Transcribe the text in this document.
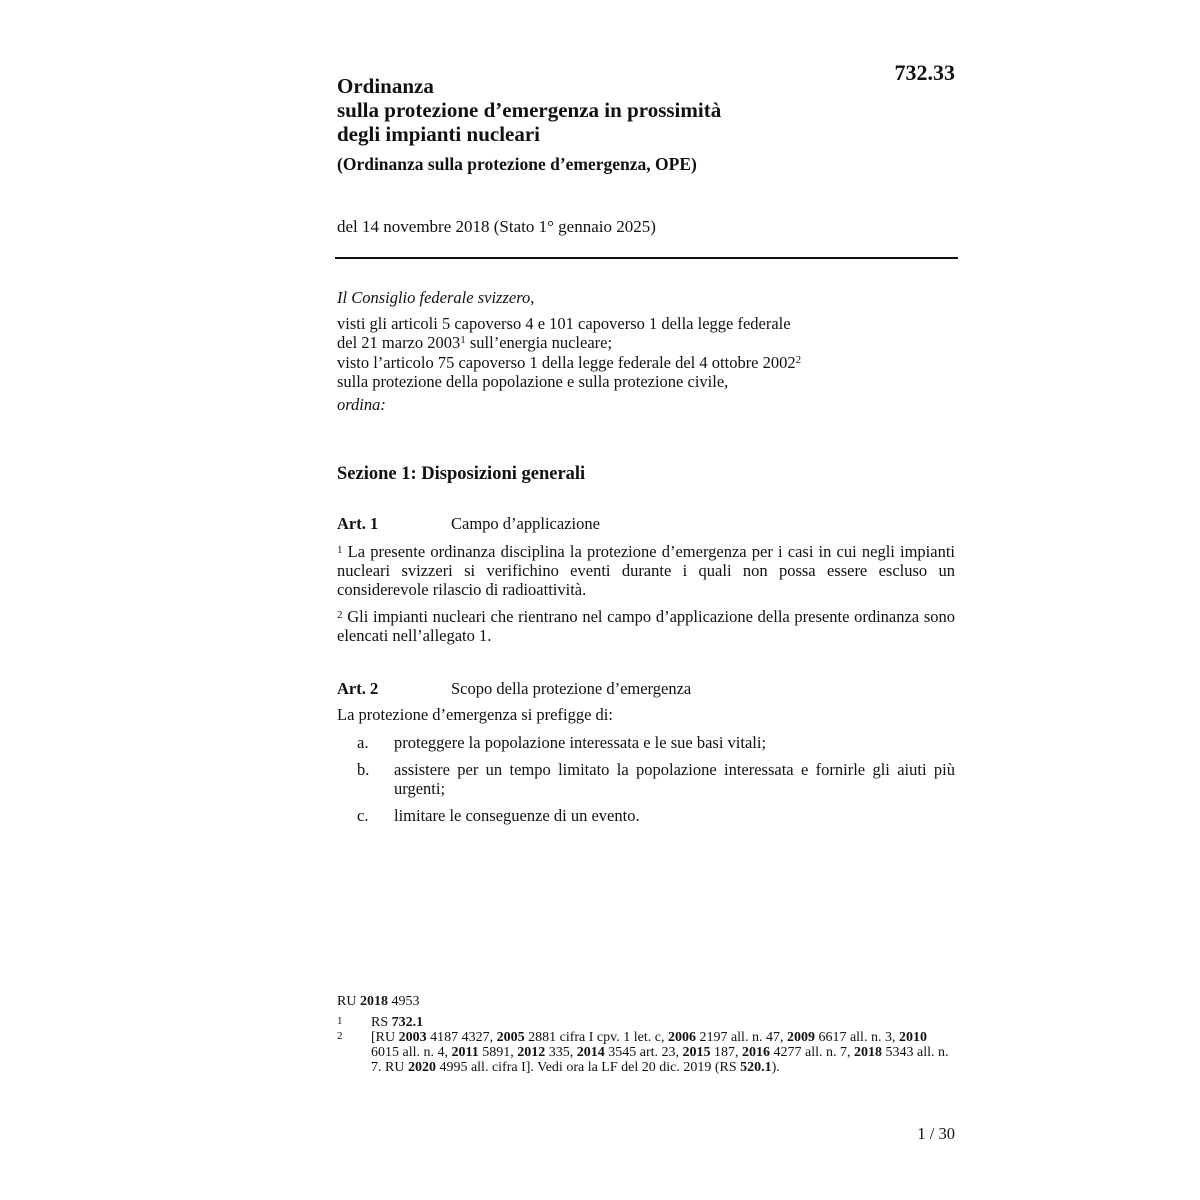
732.33
Ordinanza
sulla protezione d’emergenza in prossimità
degli impianti nucleari
(Ordinanza sulla protezione d’emergenza, OPE)
del 14 novembre 2018 (Stato 1° gennaio 2025)
Il Consiglio federale svizzero,
visti gli articoli 5 capoverso 4 e 101 capoverso 1 della legge federale
del 21 marzo 2003$^1$ sull’energia nucleare;
visto l’articolo 75 capoverso 1 della legge federale del 4 ottobre 2002$^2$
sulla protezione della popolazione e sulla protezione civile,
ordina:
Sezione 1: Disposizioni generali
Art. 1	Campo d’applicazione
$^1$ La presente ordinanza disciplina la protezione d’emergenza per i casi in cui negli impianti nucleari svizzeri si verifichino eventi durante i quali non possa essere escluso un considerevole rilascio di radioattività.
$^2$ Gli impianti nucleari che rientrano nel campo d’applicazione della presente ordinanza sono elencati nell’allegato 1.
Art. 2	Scopo della protezione d’emergenza
La protezione d’emergenza si prefigge di:
a.	proteggere la popolazione interessata e le sue basi vitali;
b.	assistere per un tempo limitato la popolazione interessata e fornirle gli aiuti più urgenti;
c.	limitare le conseguenze di un evento.
RU 2018 4953
1	RS 732.1
2	[RU 2003 4187 4327, 2005 2881 cifra I cpv. 1 let. c, 2006 2197 all. n. 47, 2009 6617 all. n. 3, 2010 6015 all. n. 4, 2011 5891, 2012 335, 2014 3545 art. 23, 2015 187, 2016 4277 all. n. 7, 2018 5343 all. n. 7. RU 2020 4995 all. cifra I]. Vedi ora la LF del 20 dic. 2019 (RS 520.1).
1 / 30
